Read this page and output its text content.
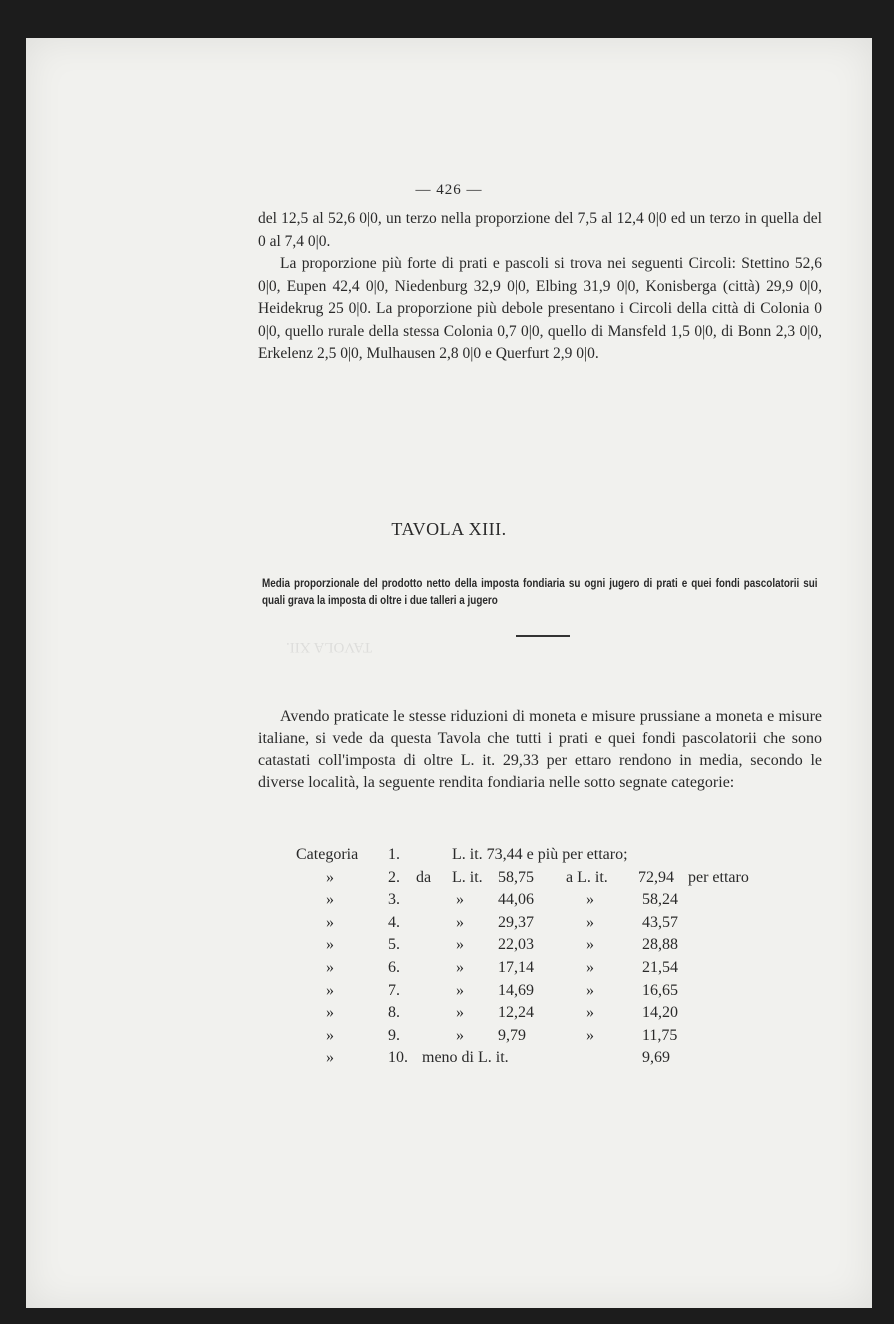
TAVOLA XII.
— 426 —

del 12,5 al 52,6 0|0, un terzo nella proporzione del 7,5 al 12,4 0|0 ed un terzo in quella del 0 al 7,4 0|0.

La proporzione più forte di prati e pascoli si trova nei seguenti Circoli: Stettino 52,6 0|0, Eupen 42,4 0|0, Niedenburg 32,9 0|0, Elbing 31,9 0|0, Konisberga (città) 29,9 0|0, Heidekrug 25 0|0. La proporzione più debole presentano i Circoli della città di Colonia 0 0|0, quello rurale della stessa Colonia 0,7 0|0, quello di Mansfeld 1,5 0|0, di Bonn 2,3 0|0, Erkelenz 2,5 0|0, Mulhausen 2,8 0|0 e Querfurt 2,9 0|0.

TAVOLA XIII.
Media proporzionale del prodotto netto della imposta fondiaria su ogni jugero di prati e quei fondi pascolatorii sui quali grava la imposta di oltre i due talleri a jugero

Avendo praticate le stesse riduzioni di moneta e misure prussiane a moneta e misure italiane, si vede da questa Tavola che tutti i prati e quei fondi pascolatorii che sono catastati coll'imposta di oltre L. it. 29,33 per ettaro rendono in media, secondo le diverse località, la seguente rendita fondiaria nelle sotto segnate categorie:

Categoria 1.	L. it. 73,44 e più per ettaro;
»	2. da L. it. 58,75 a L. it. 72,94 per ettaro
»	3.	» 44,06	»	58,24
»	4.	» 29,37	»	43,57
»	5.	» 22,03	»	28,88
»	6.	» 17,14	»	21,54
»	7.	» 14,69	»	16,65
»	8.	» 12,24	»	14,20
»	9.	» 9,79	»	11,75
»	10. meno di L. it.	9,69
